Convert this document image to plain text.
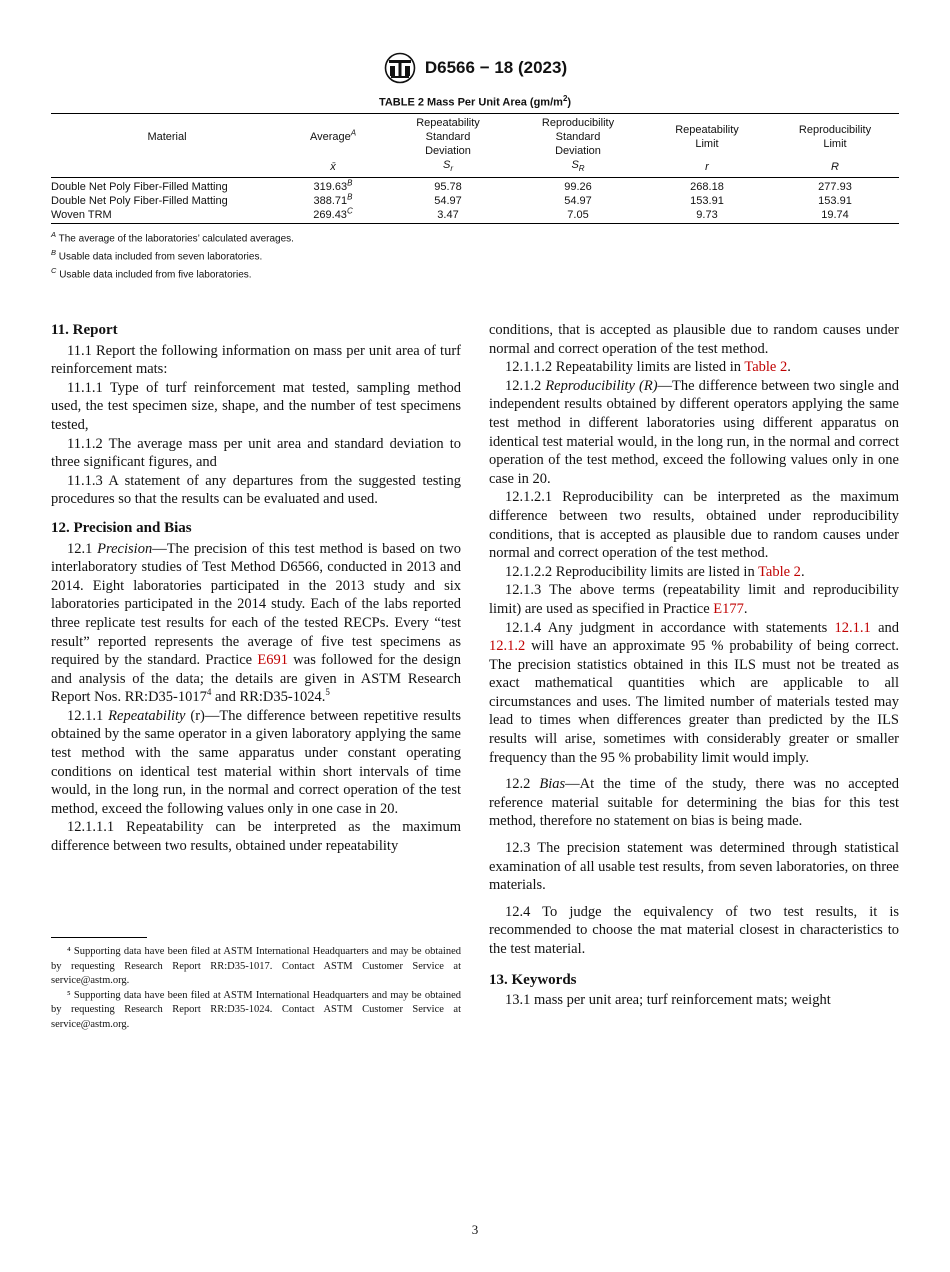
D6566 − 18 (2023)
TABLE 2 Mass Per Unit Area $(gm/m^2)$
Material	Average$^A$	Repeatability
Standard
Deviation	Reproducibility
Standard
Deviation	Repeatability
Limit	Reproducibility
Limit
	x̄	$S_r$	$S_R$	r	R
Double Net Poly Fiber-Filled Matting	319.63$^B$	95.78	99.26	268.18	277.93
Double Net Poly Fiber-Filled Matting	388.71$^B$	54.97	54.97	153.91	153.91
Woven TRM	269.43$^C$	3.47	7.05	9.73	19.74
$^A$ The average of the laboratories’ calculated averages.
$^B$ Usable data included from seven laboratories.
$^C$ Usable data included from five laboratories.
11. Report

11.1 Report the following information on mass per unit area of turf reinforcement mats:

11.1.1 Type of turf reinforcement mat tested, sampling method used, the test specimen size, shape, and the number of test specimens tested,

11.1.2 The average mass per unit area and standard deviation to three significant figures, and

11.1.3 A statement of any departures from the suggested testing procedures so that the results can be evaluated and used.

12. Precision and Bias

12.1 Precision—The precision of this test method is based on two interlaboratory studies of Test Method D6566, conducted in 2013 and 2014. Eight laboratories participated in the 2013 study and six laboratories participated in the 2014 study. Each of the labs reported three replicate test results for each of the tested RECPs. Every “test result” reported represents the average of five test specimens as required by the standard. Practice E691 was followed for the design and analysis of the data; the details are given in ASTM Research Report Nos. RR:D35-1017$^4$ and RR:D35-1024.$^5$

12.1.1 Repeatability (r)—The difference between repetitive results obtained by the same operator in a given laboratory applying the same test method with the same apparatus under constant operating conditions on identical test material within short intervals of time would, in the long run, in the normal and correct operation of the test method, exceed the following values only in one case in 20.

12.1.1.1 Repeatability can be interpreted as the maximum difference between two results, obtained under repeatability

⁴ Supporting data have been filed at ASTM International Headquarters and may be obtained by requesting Research Report RR:D35-1017. Contact ASTM Customer Service at service@astm.org.

⁵ Supporting data have been filed at ASTM International Headquarters and may be obtained by requesting Research Report RR:D35-1024. Contact ASTM Customer Service at service@astm.org.

conditions, that is accepted as plausible due to random causes under normal and correct operation of the test method.

12.1.1.2 Repeatability limits are listed in Table 2.

12.1.2 Reproducibility (R)—The difference between two single and independent results obtained by different operators applying the same test method in different laboratories using different apparatus on identical test material would, in the long run, in the normal and correct operation of the test method, exceed the following values only in one case in 20.

12.1.2.1 Reproducibility can be interpreted as the maximum difference between two results, obtained under reproducibility conditions, that is accepted as plausible due to random causes under normal and correct operation of the test method.

12.1.2.2 Reproducibility limits are listed in Table 2.

12.1.3 The above terms (repeatability limit and reproducibility limit) are used as specified in Practice E177.

12.1.4 Any judgment in accordance with statements 12.1.1 and 12.1.2 will have an approximate 95 % probability of being correct. The precision statistics obtained in this ILS must not be treated as exact mathematical quantities which are applicable to all circumstances and uses. The limited number of materials tested may lead to times when differences greater than predicted by the ILS results will arise, sometimes with considerably greater or smaller frequency than the 95 % probability limit would imply.

12.2 Bias—At the time of the study, there was no accepted reference material suitable for determining the bias for this test method, therefore no statement on bias is being made.

12.3 The precision statement was determined through statistical examination of all usable test results, from seven laboratories, on three materials.

12.4 To judge the equivalency of two test results, it is recommended to choose the mat material closest in characteristics to the test material.

13. Keywords

13.1 mass per unit area; turf reinforcement mats; weight

3
